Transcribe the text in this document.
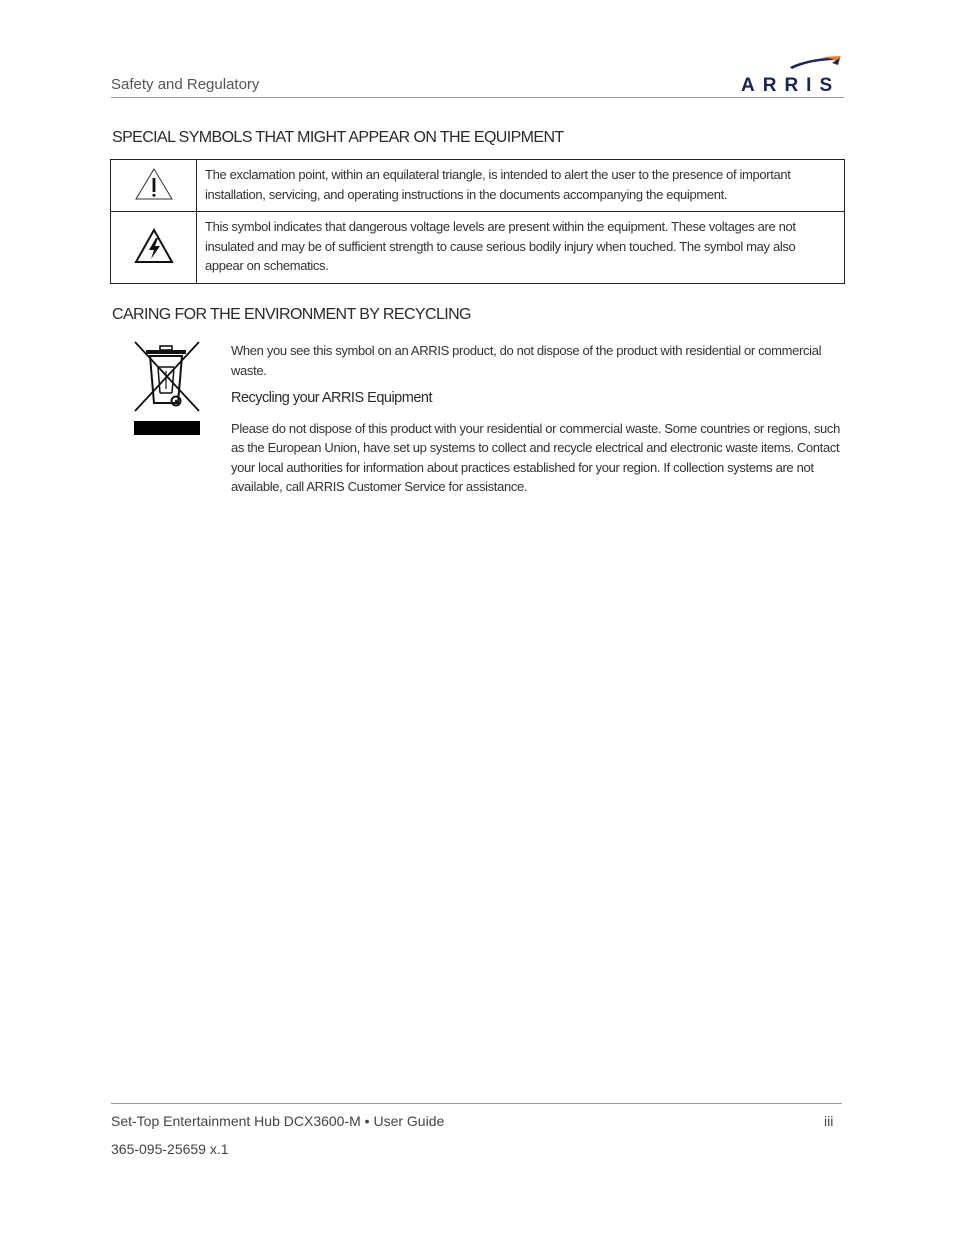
Safety and Regulatory	ARRIS
SPECIAL SYMBOLS THAT MIGHT APPEAR ON THE EQUIPMENT
	The exclamation point, within an equilateral triangle, is intended to alert the user to the presence of important installation, servicing, and operating instructions in the documents accompanying the equipment.
	This symbol indicates that dangerous voltage levels are present within the equipment. These voltages are not insulated and may be of sufficient strength to cause serious bodily injury when touched. The symbol may also appear on schematics.
CARING FOR THE ENVIRONMENT BY RECYCLING
When you see this symbol on an ARRIS product, do not dispose of the product with residential or commercial waste.
Recycling your ARRIS Equipment
Please do not dispose of this product with your residential or commercial waste. Some countries or regions, such as the European Union, have set up systems to collect and recycle electrical and electronic waste items. Contact your local authorities for information about practices established for your region. If collection systems are not available, call ARRIS Customer Service for assistance.
Set-Top Entertainment Hub DCX3600-M • User Guide	iii
365-095-25659 x.1
